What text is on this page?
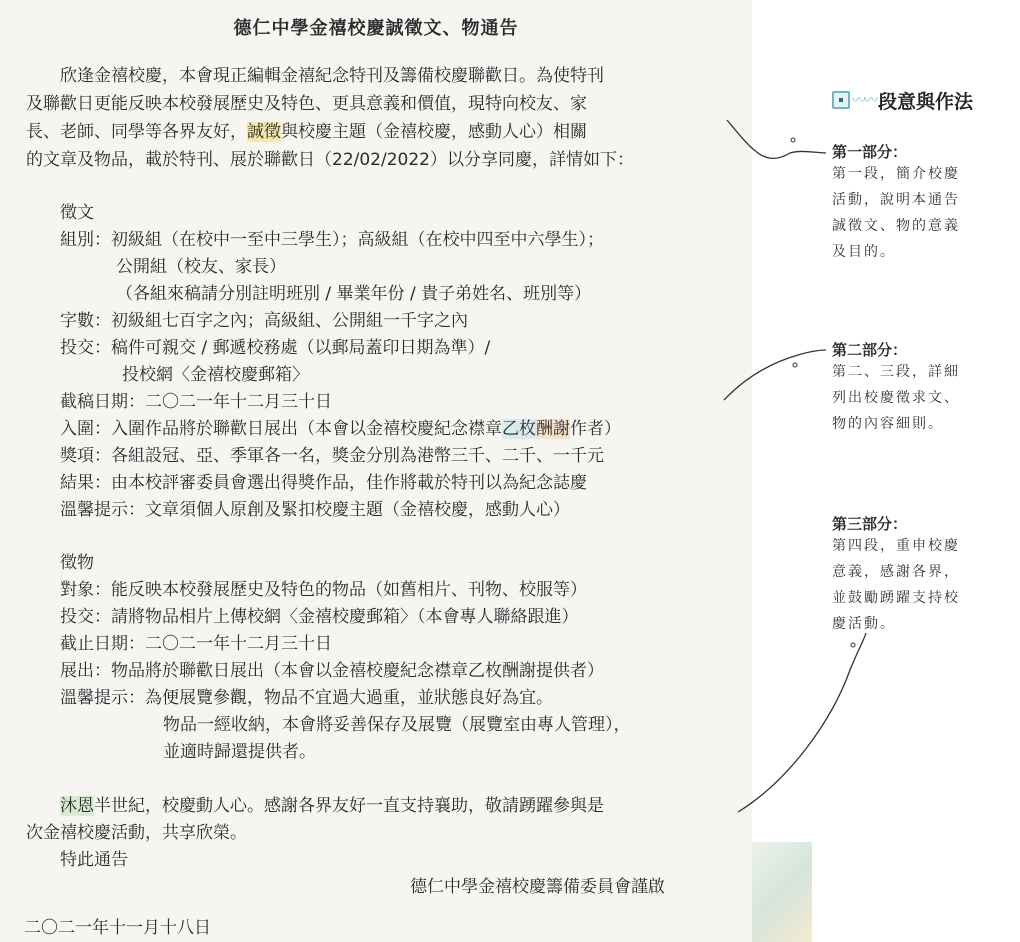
德仁中學金禧校慶誠徵文、物通告
欣逢金禧校慶，本會現正編輯金禧紀念特刊及籌備校慶聯歡日。為使特刊
及聯歡日更能反映本校發展歷史及特色、更具意義和價值，現特向校友、家
長、老師、同學等各界友好，誠徵與校慶主題（金禧校慶，感動人心）相關
的文章及物品，載於特刊、展於聯歡日（22/02/2022）以分享同慶，詳情如下：
徵文
組別：初級組（在校中一至中三學生）；高級組（在校中四至中六學生）；
公開組（校友、家長）
（各組來稿請分別註明班別 / 畢業年份 / 貴子弟姓名、班別等）
字數：初級組七百字之內；高級組、公開組一千字之內
投交：稿件可親交 / 郵遞校務處（以郵局蓋印日期為準）/
投校網〈金禧校慶郵箱〉
截稿日期：二〇二一年十二月三十日
入圍：入圍作品將於聯歡日展出（本會以金禧校慶紀念襟章乙枚酬謝作者）
獎項：各組設冠、亞、季軍各一名，獎金分別為港幣三千、二千、一千元
結果：由本校評審委員會選出得獎作品，佳作將載於特刊以為紀念誌慶
溫馨提示：文章須個人原創及緊扣校慶主題（金禧校慶，感動人心）
徵物
對象：能反映本校發展歷史及特色的物品（如舊相片、刊物、校服等）
投交：請將物品相片上傳校網〈金禧校慶郵箱〉（本會專人聯絡跟進）
截止日期：二〇二一年十二月三十日
展出：物品將於聯歡日展出（本會以金禧校慶紀念襟章乙枚酬謝提供者）
溫馨提示：為便展覽參觀，物品不宜過大過重，並狀態良好為宜。
物品一經收納，本會將妥善保存及展覽（展覽室由專人管理），
並適時歸還提供者。
沐恩半世紀，校慶動人心。感謝各界友好一直支持襄助，敬請踴躍參與是
次金禧校慶活動，共享欣榮。
特此通告
德仁中學金禧校慶籌備委員會謹啟
二〇二一年十一月十八日
〰〰 段意與作法
第一部分：
第一段，簡介校慶
活動，說明本通告
誠徵文、物的意義
及目的。
第二部分：
第二、三段，詳細
列出校慶徵求文、
物的內容細則。
第三部分：
第四段，重申校慶
意義，感謝各界，
並鼓勵踴躍支持校
慶活動。
